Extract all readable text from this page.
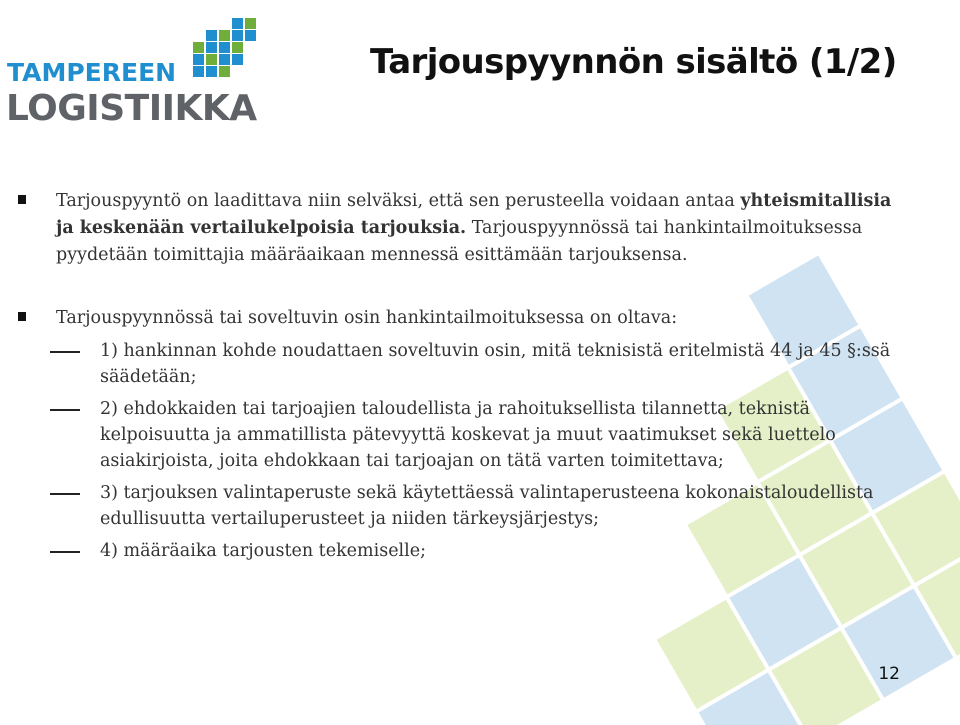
TAMPEREEN
LOGISTIIKKA
Tarjouspyynnön sisältö (1/2)
Tarjouspyyntö on laadittava niin selväksi, että sen perusteella voidaan antaa yhteismitallisia ja keskenään vertailukelpoisia tarjouksia. Tarjouspyynnössä tai hankintailmoituksessa pyydetään toimittajia määräaikaan mennessä esittämään tarjouksensa.
Tarjouspyynnössä tai soveltuvin osin hankintailmoituksessa on oltava:
1) hankinnan kohde noudattaen soveltuvin osin, mitä teknisistä eritelmistä 44 ja 45 §:ssä säädetään;
2) ehdokkaiden tai tarjoajien taloudellista ja rahoituksellista tilannetta, teknistä kelpoisuutta ja ammatillista pätevyyttä koskevat ja muut vaatimukset sekä luettelo asiakirjoista, joita ehdokkaan tai tarjoajan on tätä varten toimitettava;
3) tarjouksen valintaperuste sekä käytettäessä valintaperusteena kokonaistaloudellista edullisuutta vertailuperusteet ja niiden tärkeysjärjestys;
4) määräaika tarjousten tekemiselle;
12
